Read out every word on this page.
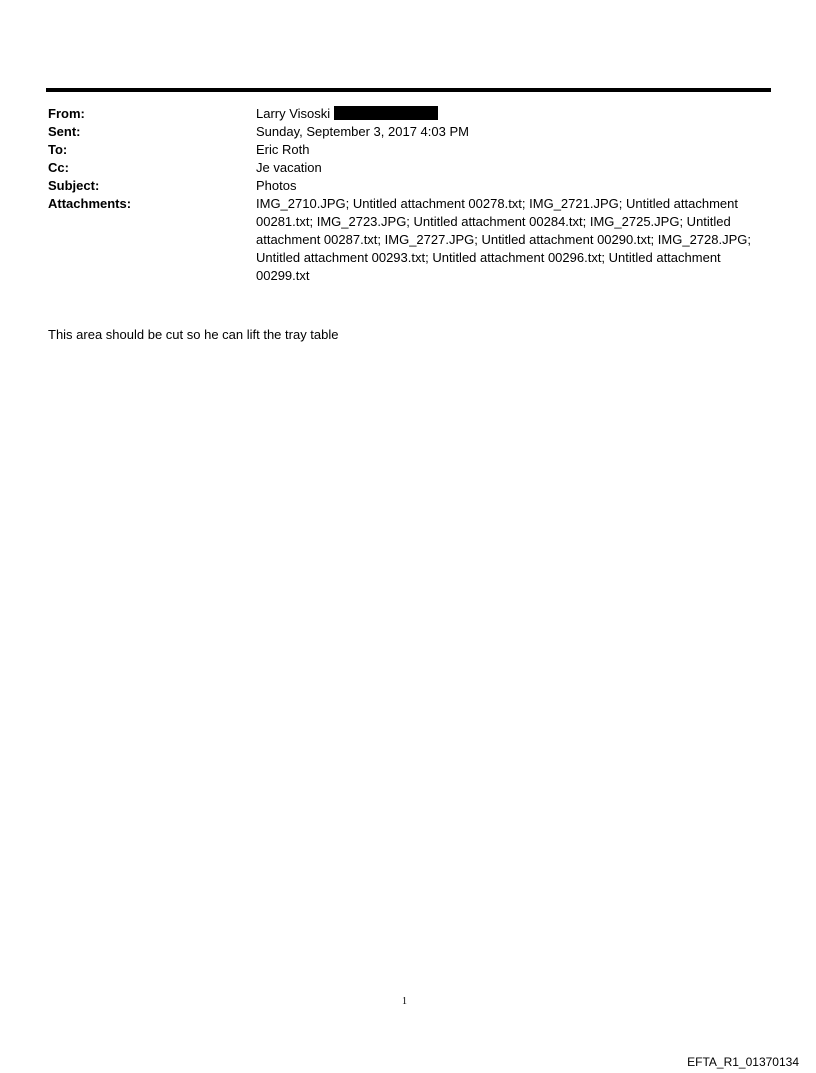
From:	Larry Visoski
Sent:	Sunday, September 3, 2017 4:03 PM
To:	Eric Roth
Cc:	Je vacation
Subject:	Photos
Attachments:	IMG_2710.JPG; Untitled attachment 00278.txt; IMG_2721.JPG; Untitled attachment
00281.txt; IMG_2723.JPG; Untitled attachment 00284.txt; IMG_2725.JPG; Untitled
attachment 00287.txt; IMG_2727.JPG; Untitled attachment 00290.txt; IMG_2728.JPG;
Untitled attachment 00293.txt; Untitled attachment 00296.txt; Untitled attachment
00299.txt
This area should be cut so he can lift the tray table
1
EFTA_R1_01370134
